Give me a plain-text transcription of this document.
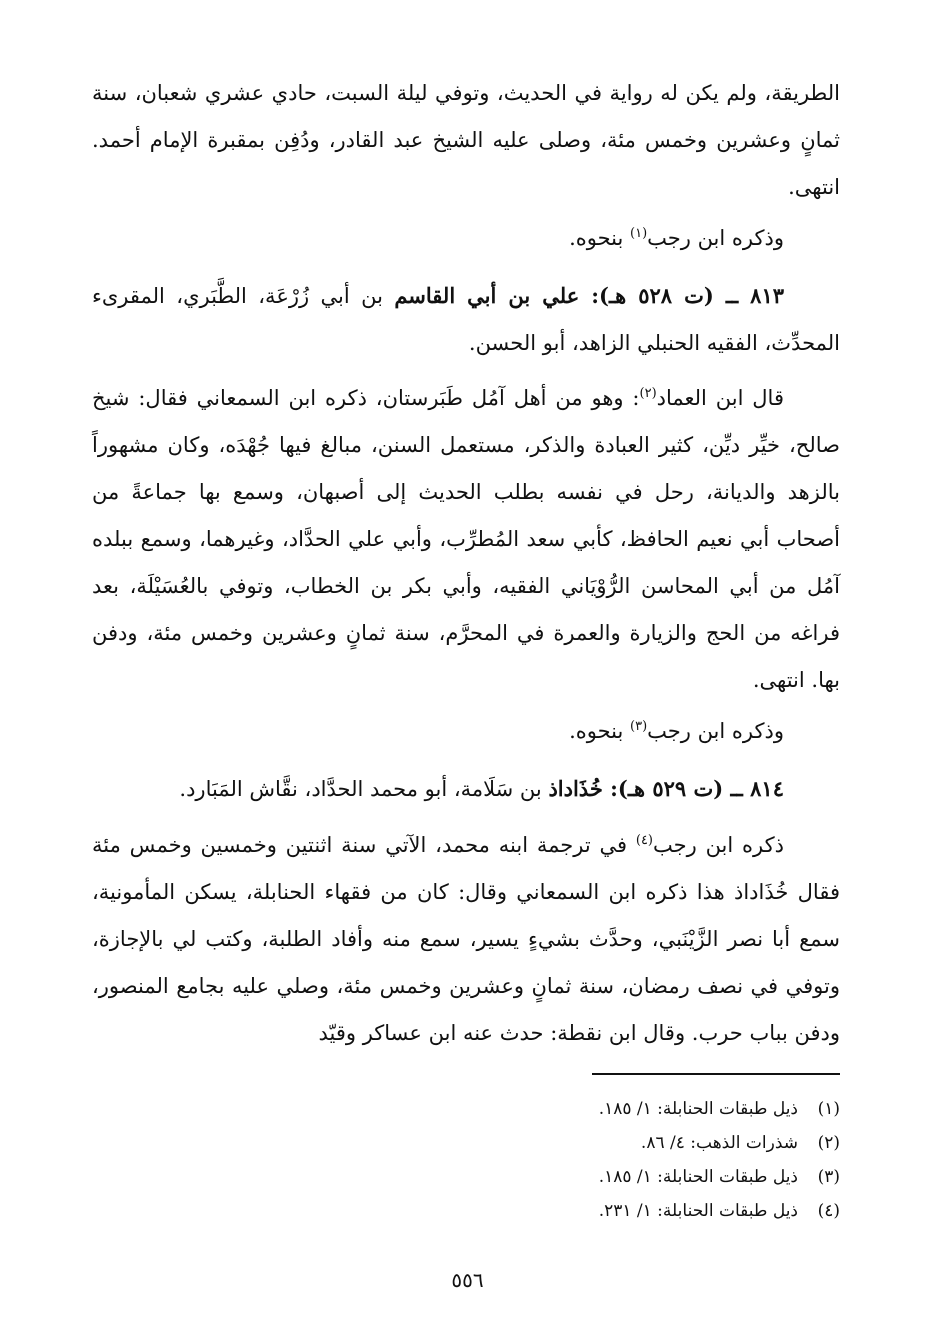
الطريقة، ولم يكن له رواية في الحديث، وتوفي ليلة السبت، حادي عشري شعبان، سنة ثمانٍ وعشرين وخمس مئة، وصلى عليه الشيخ عبد القادر، ودُفِن بمقبرة الإمام أحمد. انتهى.

وذكره ابن رجب$^{(١)}$ بنحوه.

٨١٣ ــ (ت ٥٢٨ هـ): علي بن أبي القاسم بن أبي زُرْعَة، الطَّبَري، المقرىء المحدِّث، الفقيه الحنبلي الزاهد، أبو الحسن.

قال ابن العماد$^{(٢)}$: وهو من أهل آمُل طَبَرستان، ذكره ابن السمعاني فقال: شيخ صالح، خيِّر ديِّن، كثير العبادة والذكر، مستعمل السنن، مبالغ فيها جُهْدَه، وكان مشهوراً بالزهد والديانة، رحل في نفسه بطلب الحديث إلى أصبهان، وسمع بها جماعةً من أصحاب أبي نعيم الحافظ، كأبي سعد المُطرِّب، وأبي علي الحدَّاد، وغيرهما، وسمع ببلده آمُل من أبي المحاسن الرُّوْيَاني الفقيه، وأبي بكر بن الخطاب، وتوفي بالعُسَيْلَة، بعد فراغه من الحج والزيارة والعمرة في المحرَّم، سنة ثمانٍ وعشرين وخمس مئة، ودفن بها. انتهى.

وذكره ابن رجب$^{(٣)}$ بنحوه.

٨١٤ ــ (ت ٥٢٩ هـ): خُذَاداذ بن سَلَامة، أبو محمد الحدَّاد، نقَّاش المَبَارد.

ذكره ابن رجب$^{(٤)}$ في ترجمة ابنه محمد، الآتي سنة اثنتين وخمسين وخمس مئة فقال خُذَاداذ هذا ذكره ابن السمعاني وقال: كان من فقهاء الحنابلة، يسكن المأمونية، سمع أبا نصر الزَّيْنَبي، وحدَّث بشيءٍ يسير، سمع منه وأفاد الطلبة، وكتب لي بالإجازة، وتوفي في نصف رمضان، سنة ثمانٍ وعشرين وخمس مئة، وصلي عليه بجامع المنصور، ودفن بباب حرب. وقال ابن نقطة: حدث عنه ابن عساكر وقيّد

(١)
ذيل طبقات الحنابلة: ١/ ١٨٥.
(٢)
شذرات الذهب: ٤/ ٨٦.
(٣)
ذيل طبقات الحنابلة: ١/ ١٨٥.
(٤)
ذيل طبقات الحنابلة: ١/ ٢٣١.
٥٥٦
